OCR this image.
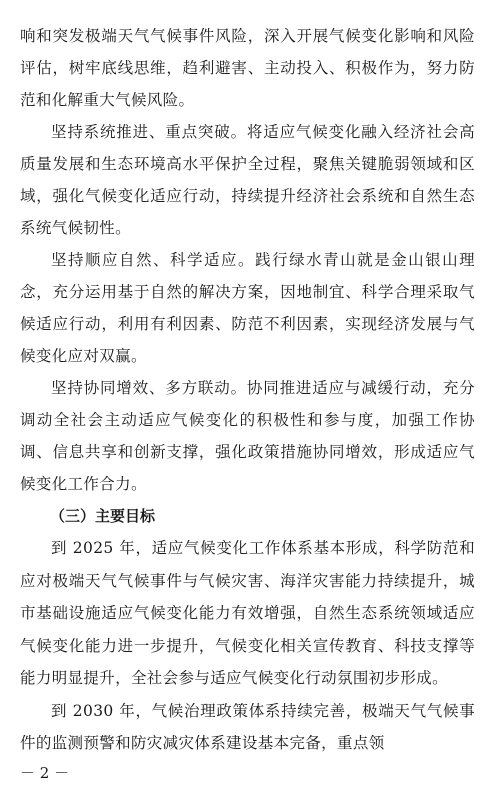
响和突发极端天气气候事件风险，深入开展气候变化影响和风险评估，树牢底线思维，趋利避害、主动投入、积极作为，努力防范和化解重大气候风险。

坚持系统推进、重点突破。将适应气候变化融入经济社会高质量发展和生态环境高水平保护全过程，聚焦关键脆弱领域和区域，强化气候变化适应行动，持续提升经济社会系统和自然生态系统气候韧性。

坚持顺应自然、科学适应。践行绿水青山就是金山银山理念，充分运用基于自然的解决方案，因地制宜、科学合理采取气候适应行动，利用有利因素、防范不利因素，实现经济发展与气候变化应对双赢。

坚持协同增效、多方联动。协同推进适应与减缓行动，充分调动全社会主动适应气候变化的积极性和参与度，加强工作协调、信息共享和创新支撑，强化政策措施协同增效，形成适应气候变化工作合力。

（三）主要目标

到 2025 年，适应气候变化工作体系基本形成，科学防范和应对极端天气气候事件与气候灾害、海洋灾害能力持续提升，城市基础设施适应气候变化能力有效增强，自然生态系统领域适应气候变化能力进一步提升，气候变化相关宣传教育、科技支撑等能力明显提升，全社会参与适应气候变化行动氛围初步形成。

到 2030 年，气候治理政策体系持续完善，极端天气气候事件的监测预警和防灾减灾体系建设基本完备，重点领

－ 2 －
